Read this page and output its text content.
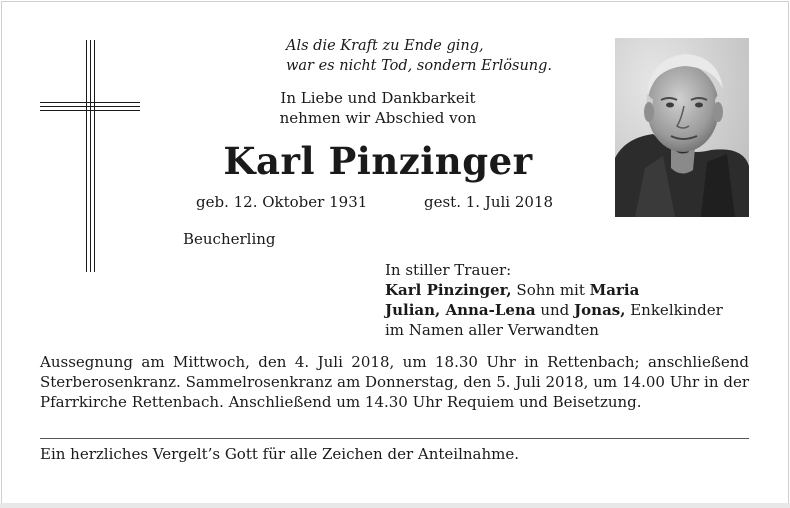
Als die Kraft zu Ende ging,
war es nicht Tod, sondern Erlösung.
In Liebe und Dankbarkeit
nehmen wir Abschied von
Karl Pinzinger
geb. 12. Oktober 1931	gest. 1. Juli 2018
Beucherling
In stiller Trauer:
Karl Pinzinger, Sohn mit Maria
Julian, Anna-Lena und Jonas, Enkelkinder
im Namen aller Verwandten
Aussegnung am Mittwoch, den 4. Juli 2018, um 18.30 Uhr in Rettenbach; anschließend Sterberosenkranz. Sammelrosenkranz am Donnerstag, den 5. Juli 2018, um 14.00 Uhr in der Pfarrkirche Rettenbach. Anschließend um 14.30 Uhr Requiem und Beisetzung.
Ein herzliches Vergelt’s Gott für alle Zeichen der Anteilnahme.
